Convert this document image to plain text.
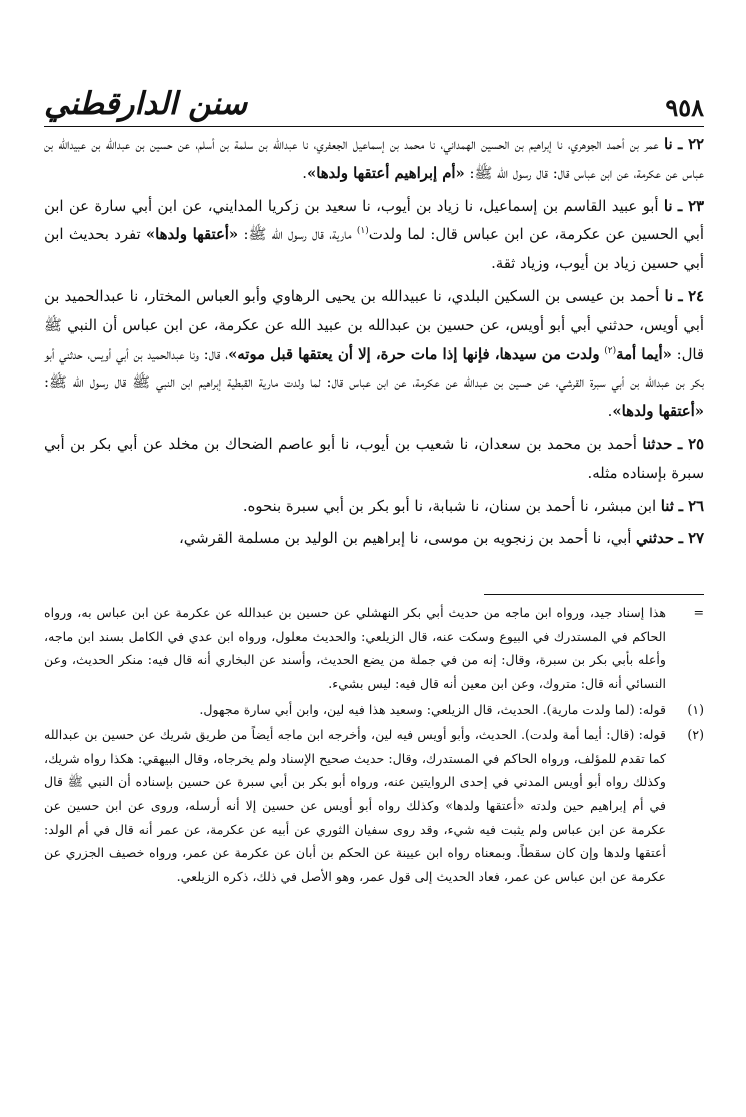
٩٥٨
سنن الدارقطني

٢٢ ـ نا عمر بن أحمد الجوهري، نا إبراهيم بن الحسين الهمداني، نا محمد بن إسماعيل الجعفري، نا عبدالله بن سلمة بن أسلم، عن حسين بن عبدالله بن عبيدالله بن عباس عن عكرمة، عن ابن عباس قال: قال رسول الله ﷺ: «أم إبراهيم أعتقها ولدها».

٢٣ ـ نا أبو عبيد القاسم بن إسماعيل، نا زياد بن أيوب، نا سعيد بن زكريا المدايني، عن ابن أبي سارة عن ابن أبي الحسين عن عكرمة، عن ابن عباس قال: لما ولدت$^{(١)}$ مارية، قال رسول الله ﷺ: «أعتقها ولدها» تفرد بحديث ابن أبي حسين زياد بن أيوب، وزياد ثقة.

٢٤ ـ نا أحمد بن عيسى بن السكين البلدي، نا عبيدالله بن يحيى الرهاوي وأبو العباس المختار، نا عبدالحميد بن أبي أويس، حدثني أبي أبو أويس، عن حسين بن عبدالله بن عبيد الله عن عكرمة، عن ابن عباس أن النبي ﷺ قال: «أيما أمة$^{(٢)}$ ولدت من سيدها، فإنها إذا مات حرة، إلا أن يعتقها قبل موته»، قال: ونا عبدالحميد بن أبي أويس، حدثني أبو بكر بن عبدالله بن أبي سبرة القرشي، عن حسين بن عبدالله عن عكرمة، عن ابن عباس قال: لما ولدت مارية القبطية إبراهيم ابن النبي ﷺ قال رسول الله ﷺ: «أعتقها ولدها».

٢٥ ـ حدثنا أحمد بن محمد بن سعدان، نا شعيب بن أيوب، نا أبو عاصم الضحاك بن مخلد عن أبي بكر بن أبي سبرة بإسناده مثله.

٢٦ ـ ثنا ابن مبشر، نا أحمد بن سنان، نا شبابة، نا أبو بكر بن أبي سبرة بنحوه.

٢٧ ـ حدثني أبي، نا أحمد بن زنجويه بن موسى، نا إبراهيم بن الوليد بن مسلمة القرشي،

=
هذا إسناد جيد، ورواه ابن ماجه من حديث أبي بكر النهشلي عن حسين بن عبدالله عن عكرمة عن ابن عباس به، ورواه الحاكم في المستدرك في البيوع وسكت عنه، قال الزيلعي: والحديث معلول، ورواه ابن عدي في الكامل بسند ابن ماجه، وأعله بأبي بكر بن سبرة، وقال: إنه من في جملة من يضع الحديث، وأسند عن البخاري أنه قال فيه: منكر الحديث، وعن النسائي أنه قال: متروك، وعن ابن معين أنه قال فيه: ليس بشيء.
(١)
قوله: (لما ولدت مارية). الحديث، قال الزيلعي: وسعيد هذا فيه لين، وابن أبي سارة مجهول.
(٢)
قوله: (قال: أيما أمة ولدت). الحديث، وأبو أويس فيه لين، وأخرجه ابن ماجه أيضاً من طريق شريك عن حسين بن عبدالله كما تقدم للمؤلف، ورواه الحاكم في المستدرك، وقال: حديث صحيح الإسناد ولم يخرجاه، وقال البيهقي: هكذا رواه شريك، وكذلك رواه أبو أويس المدني في إحدى الروايتين عنه، ورواه أبو بكر بن أبي سبرة عن حسين بإسناده أن النبي ﷺ قال في أم إبراهيم حين ولدته «أعتقها ولدها» وكذلك رواه أبو أويس عن حسين إلا أنه أرسله، وروى عن ابن حسين عن عكرمة عن ابن عباس ولم يثبت فيه شيء، وقد روى سفيان الثوري عن أبيه عن عكرمة، عن عمر أنه قال في أم الولد: أعتقها ولدها وإن كان سقطاً. وبمعناه رواه ابن عيينة عن الحكم بن أبان عن عكرمة عن عمر، ورواه خصيف الجزري عن عكرمة عن ابن عباس عن عمر، فعاد الحديث إلى قول عمر، وهو الأصل في ذلك، ذكره الزيلعي.
